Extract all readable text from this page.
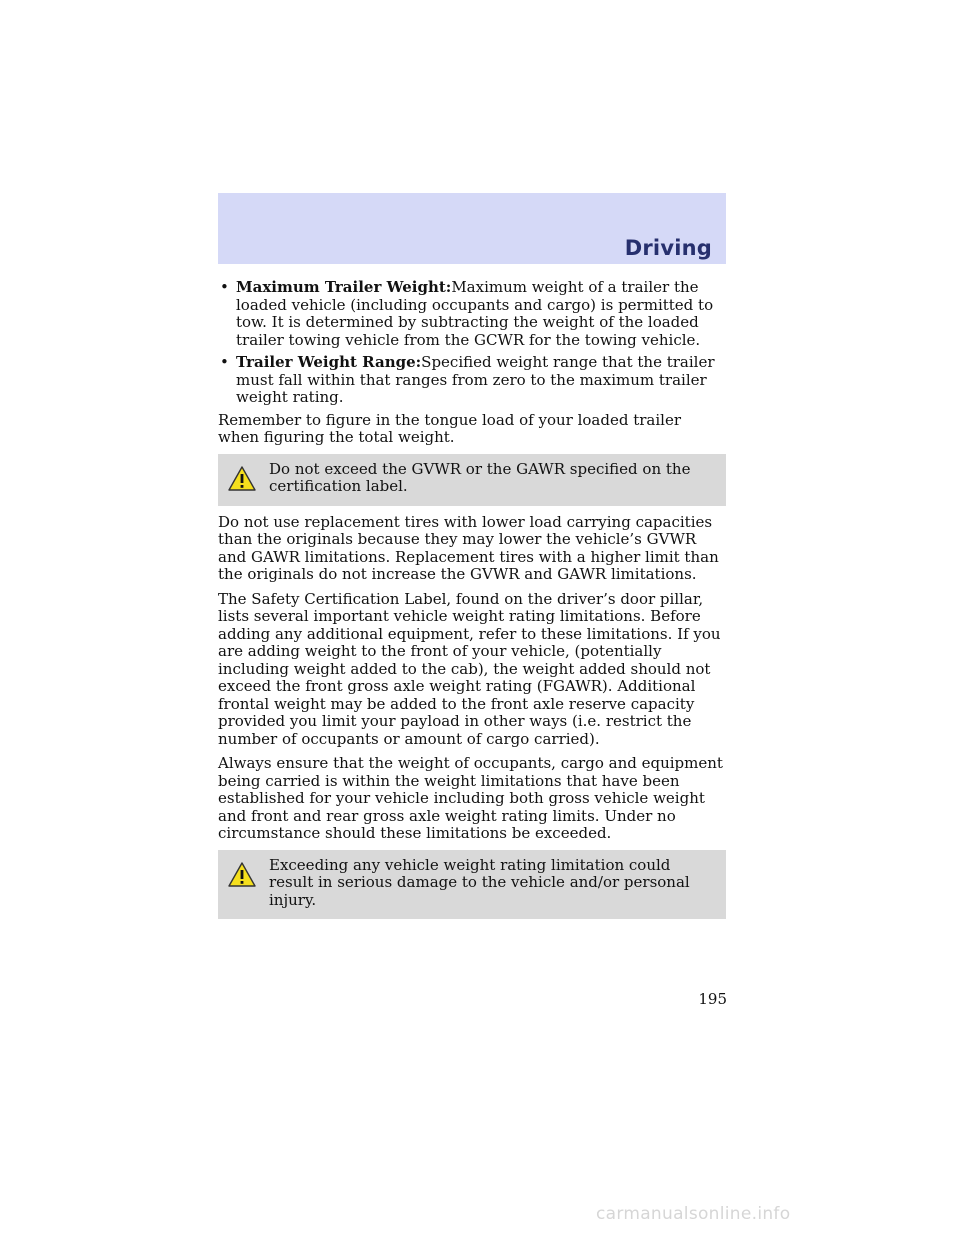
Driving
• Maximum Trailer Weight:Maximum weight of a trailer the loaded vehicle (including occupants and cargo) is permitted to tow. It is determined by subtracting the weight of the loaded trailer towing vehicle from the GCWR for the towing vehicle.
• Trailer Weight Range:Specified weight range that the trailer must fall within that ranges from zero to the maximum trailer weight rating.

Remember to figure in the tongue load of your loaded trailer when figuring the total weight.

Do not exceed the GVWR or the GAWR specified on the certification label.

Do not use replacement tires with lower load carrying capacities than the originals because they may lower the vehicle’s GVWR and GAWR limitations. Replacement tires with a higher limit than the originals do not increase the GVWR and GAWR limitations.

The Safety Certification Label, found on the driver’s door pillar, lists several important vehicle weight rating limitations. Before adding any additional equipment, refer to these limitations. If you are adding weight to the front of your vehicle, (potentially including weight added to the cab), the weight added should not exceed the front gross axle weight rating (FGAWR). Additional frontal weight may be added to the front axle reserve capacity provided you limit your payload in other ways (i.e. restrict the number of occupants or amount of cargo carried).

Always ensure that the weight of occupants, cargo and equipment being carried is within the weight limitations that have been established for your vehicle including both gross vehicle weight and front and rear gross axle weight rating limits. Under no circumstance should these limitations be exceeded.

Exceeding any vehicle weight rating limitation could result in serious damage to the vehicle and/or personal injury.
195
carmanualsonline.info
